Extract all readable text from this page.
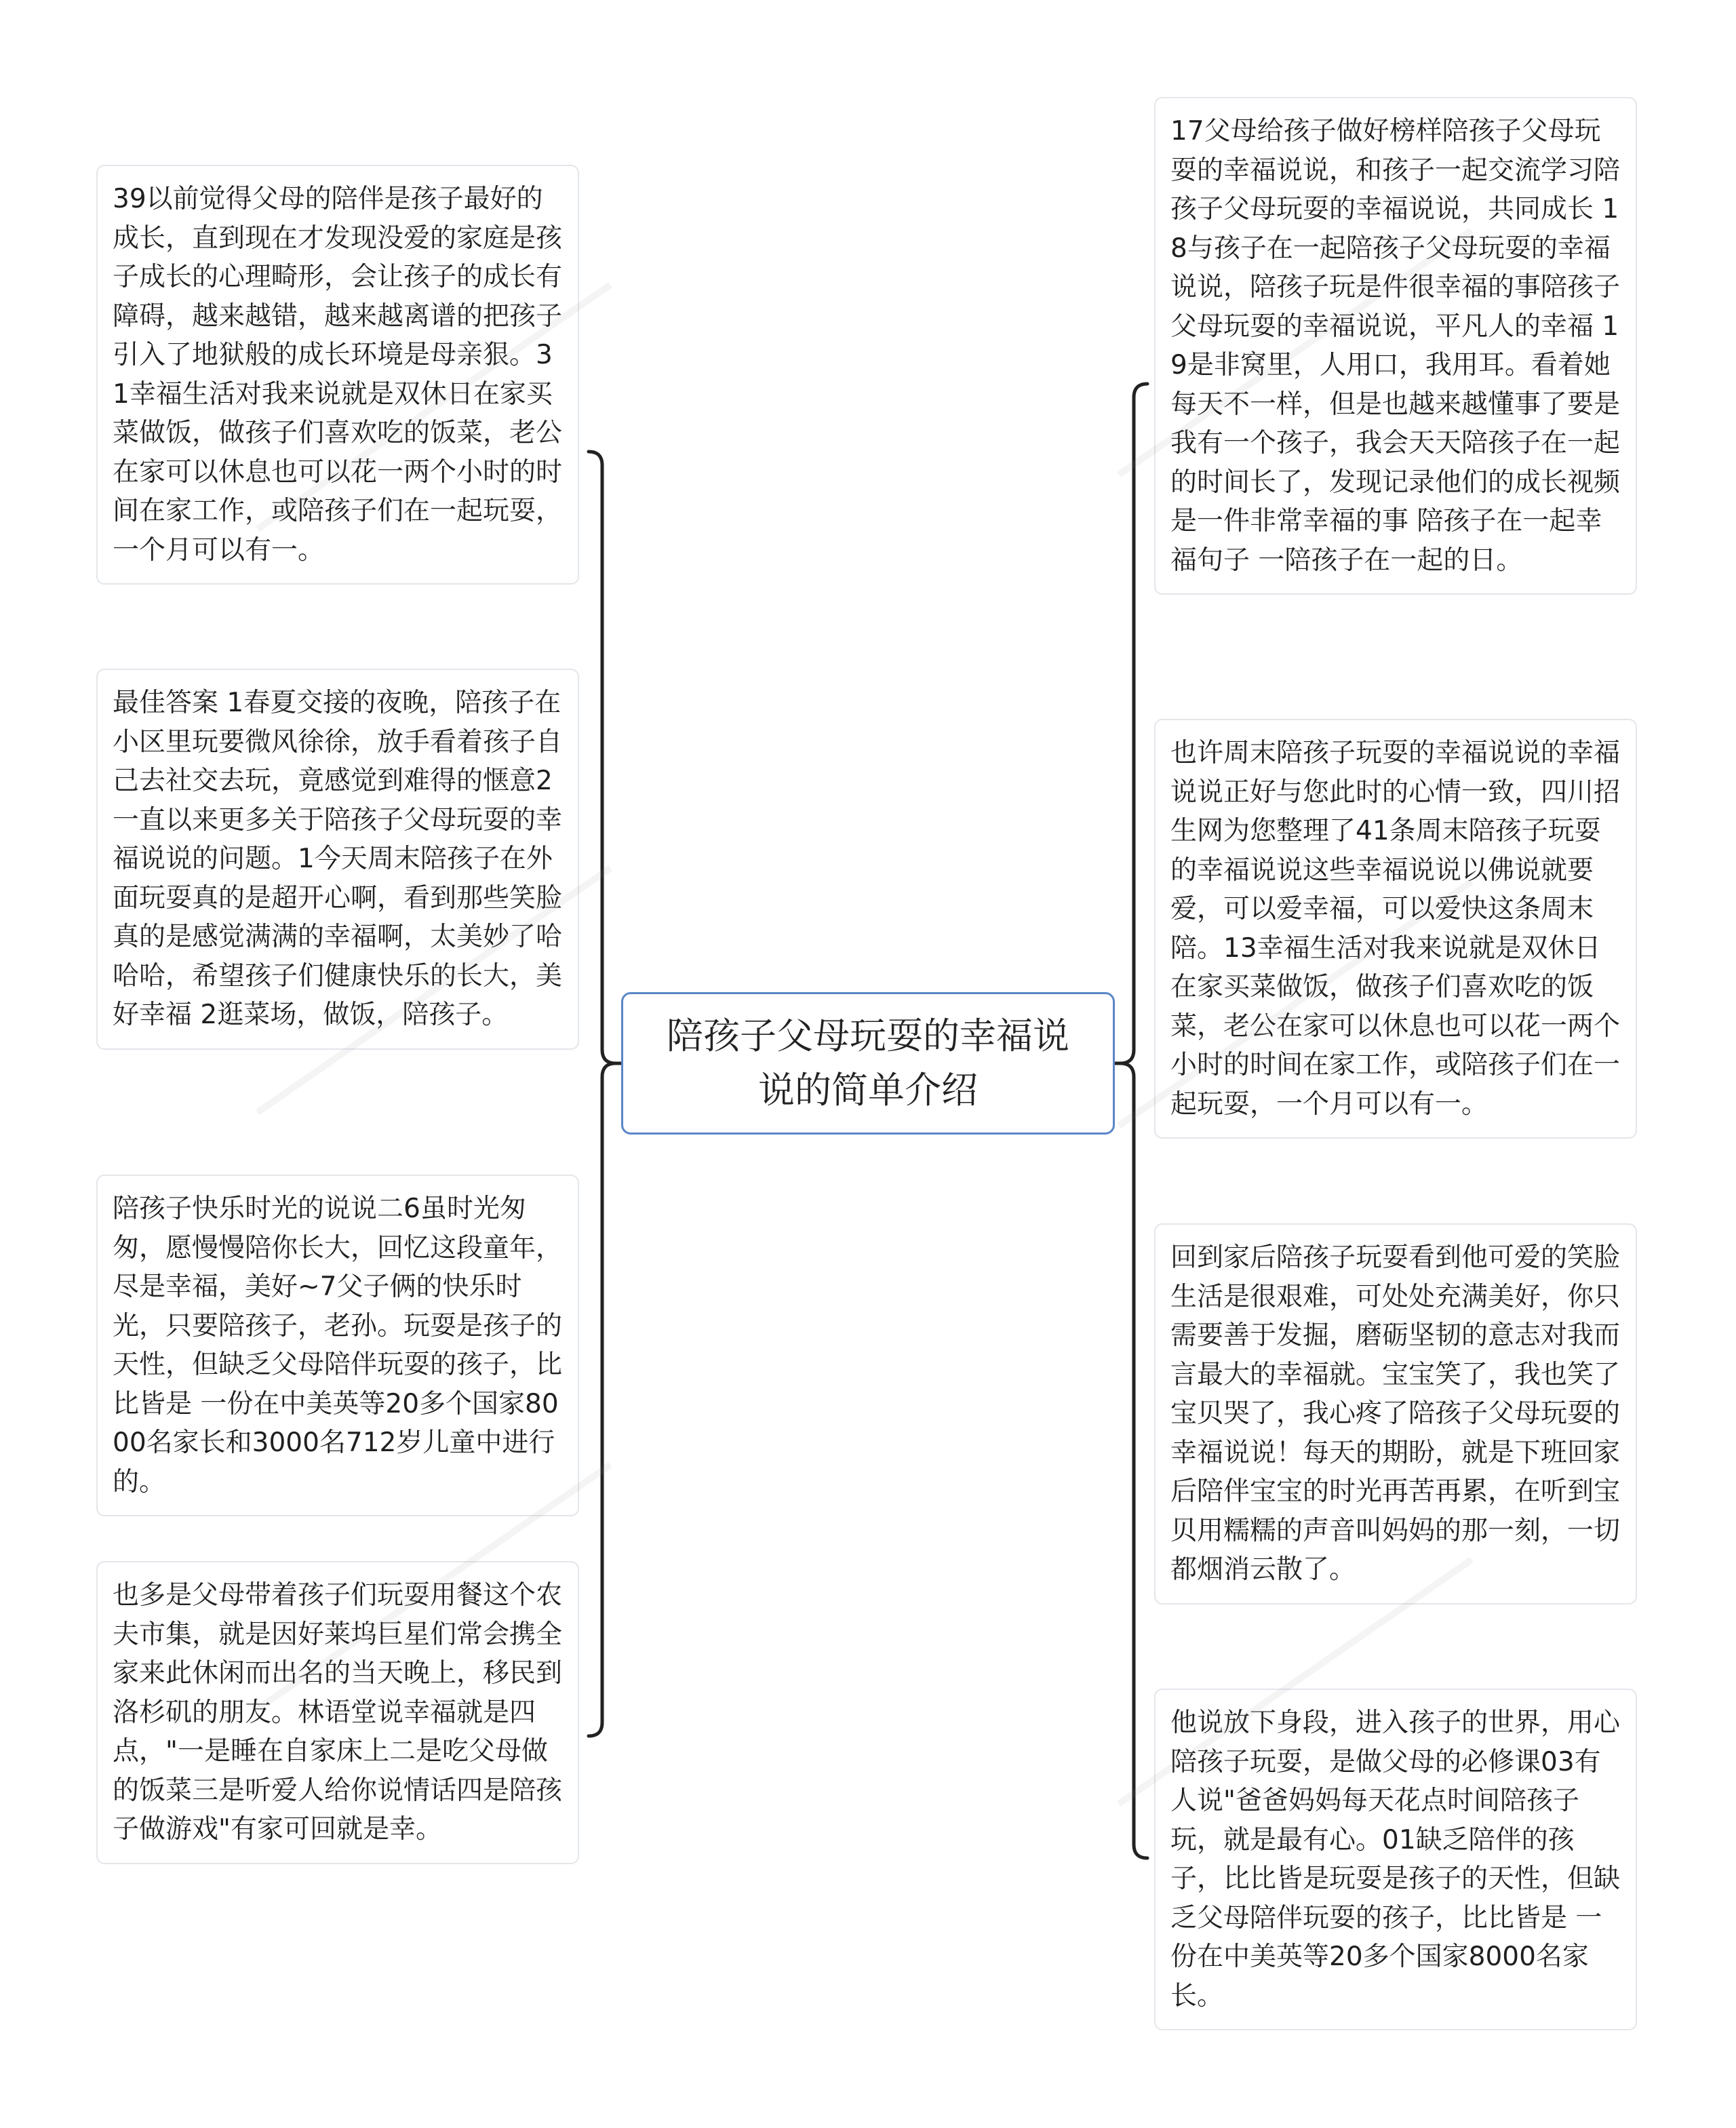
陪孩子父母玩耍的幸福说说的简单介绍
39以前觉得父母的陪伴是孩子最好的成长，直到现在才发现没爱的家庭是孩子成长的心理畸形，会让孩子的成长有障碍，越来越错，越来越离谱的把孩子引入了地狱般的成长环境是母亲狠。31幸福生活对我来说就是双休日在家买菜做饭，做孩子们喜欢吃的饭菜，老公在家可以休息也可以花一两个小时的时间在家工作，或陪孩子们在一起玩耍，一个月可以有一。
最佳答案 1春夏交接的夜晚，陪孩子在小区里玩要微风徐徐，放手看着孩子自己去社交去玩，竟感觉到难得的惬意2一直以来更多关于陪孩子父母玩耍的幸福说说的问题。1今天周末陪孩子在外面玩耍真的是超开心啊，看到那些笑脸真的是感觉满满的幸福啊，太美妙了哈哈哈，希望孩子们健康快乐的长大，美好幸福 2逛菜场，做饭，陪孩子。
陪孩子快乐时光的说说二6虽时光匆匆，愿慢慢陪你长大，回忆这段童年，尽是幸福，美好~7父子俩的快乐时光，只要陪孩子，老孙。玩耍是孩子的天性，但缺乏父母陪伴玩耍的孩子，比比皆是 一份在中美英等20多个国家8000名家长和3000名712岁儿童中进行的。
也多是父母带着孩子们玩耍用餐这个农夫市集，就是因好莱坞巨星们常会携全家来此休闲而出名的当天晚上，移民到洛杉矶的朋友。林语堂说幸福就是四点，"一是睡在自家床上二是吃父母做的饭菜三是听爱人给你说情话四是陪孩子做游戏"有家可回就是幸。
17父母给孩子做好榜样陪孩子父母玩耍的幸福说说，和孩子一起交流学习陪孩子父母玩耍的幸福说说，共同成长 18与孩子在一起陪孩子父母玩耍的幸福说说，陪孩子玩是件很幸福的事陪孩子父母玩耍的幸福说说，平凡人的幸福 19是非窝里，人用口，我用耳。看着她每天不一样，但是也越来越懂事了要是我有一个孩子，我会天天陪孩子在一起的时间长了，发现记录他们的成长视频是一件非常幸福的事 陪孩子在一起幸福句子 一陪孩子在一起的日。
也许周末陪孩子玩耍的幸福说说的幸福说说正好与您此时的心情一致，四川招生网为您整理了41条周末陪孩子玩耍的幸福说说这些幸福说说以佛说就要爱，可以爱幸福，可以爱快这条周末陪。13幸福生活对我来说就是双休日在家买菜做饭，做孩子们喜欢吃的饭菜，老公在家可以休息也可以花一两个小时的时间在家工作，或陪孩子们在一起玩耍，一个月可以有一。
回到家后陪孩子玩耍看到他可爱的笑脸生活是很艰难，可处处充满美好，你只需要善于发掘，磨砺坚韧的意志对我而言最大的幸福就。宝宝笑了，我也笑了宝贝哭了，我心疼了陪孩子父母玩耍的幸福说说！每天的期盼，就是下班回家后陪伴宝宝的时光再苦再累，在听到宝贝用糯糯的声音叫妈妈的那一刻，一切都烟消云散了。
他说放下身段，进入孩子的世界，用心陪孩子玩耍，是做父母的必修课03有人说"爸爸妈妈每天花点时间陪孩子玩，就是最有心。01缺乏陪伴的孩子，比比皆是玩耍是孩子的天性，但缺乏父母陪伴玩耍的孩子，比比皆是 一份在中美英等20多个国家8000名家长。
